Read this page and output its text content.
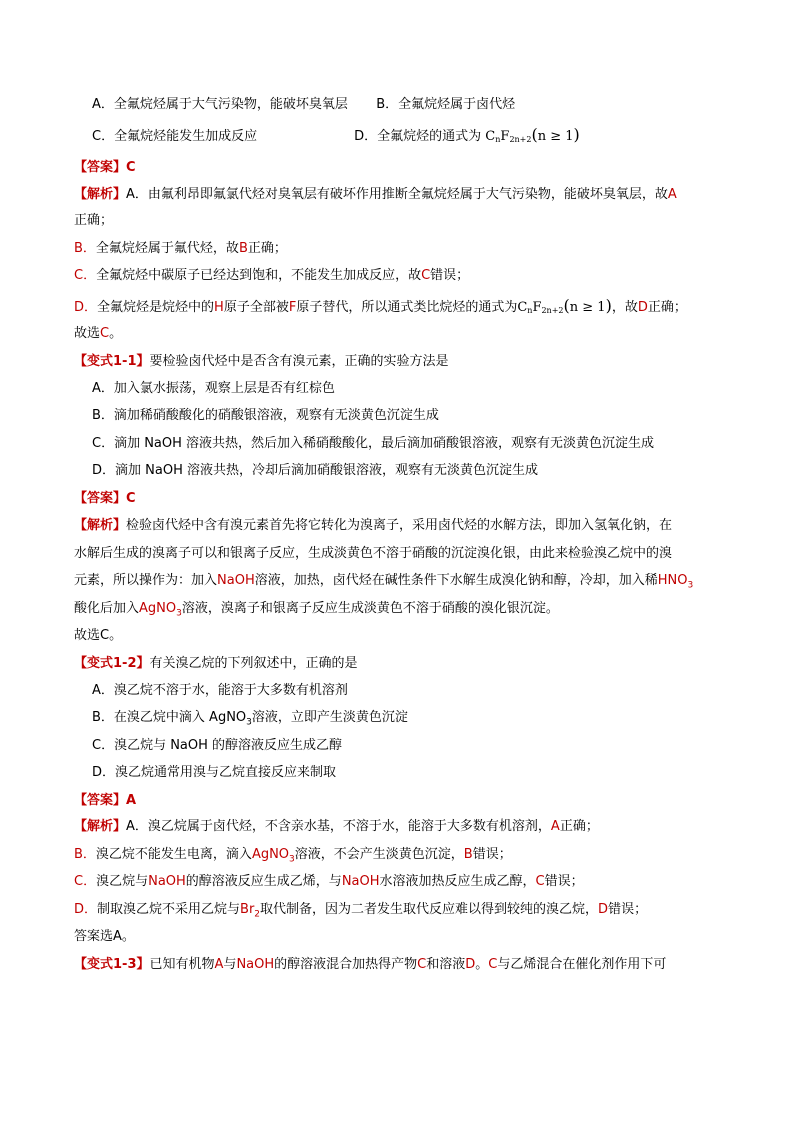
A．全氟烷烃属于大气污染物，能破坏臭氧层 B．全氟烷烃属于卤代烃
C．全氟烷烃能发生加成反应	D．全氟烷烃的通式为 $C_nF_{2n+2}(n \ge 1)$
【答案】C
【解析】A．由氟利昂即氟氯代烃对臭氧层有破坏作用推断全氟烷烃属于大气污染物，能破坏臭氧层，故A
正确；
B．全氟烷烃属于氟代烃，故B正确；
C．全氟烷烃中碳原子已经达到饱和，不能发生加成反应，故C错误；
D．全氟烷烃是烷烃中的H原子全部被F原子替代，所以通式类比烷烃的通式为$C_nF_{2n+2}(n \ge 1)$，故D正确；
故选C。
【变式1-1】要检验卤代烃中是否含有溴元素，正确的实验方法是
A．加入氯水振荡，观察上层是否有红棕色
B．滴加稀硝酸酸化的硝酸银溶液，观察有无淡黄色沉淀生成
C．滴加 NaOH 溶液共热，然后加入稀硝酸酸化，最后滴加硝酸银溶液，观察有无淡黄色沉淀生成
D．滴加 NaOH 溶液共热，冷却后滴加硝酸银溶液，观察有无淡黄色沉淀生成
【答案】C
【解析】检验卤代烃中含有溴元素首先将它转化为溴离子，采用卤代烃的水解方法，即加入氢氧化钠，在
水解后生成的溴离子可以和银离子反应，生成淡黄色不溶于硝酸的沉淀溴化银，由此来检验溴乙烷中的溴
元素，所以操作为：加入NaOH溶液，加热，卤代烃在碱性条件下水解生成溴化钠和醇，冷却，加入稀$HNO_3$
酸化后加入AgNO$_3$溶液，溴离子和银离子反应生成淡黄色不溶于硝酸的溴化银沉淀。
故选C。
【变式1-2】有关溴乙烷的下列叙述中，正确的是
A．溴乙烷不溶于水，能溶于大多数有机溶剂
B．在溴乙烷中滴入 AgNO$_3$溶液，立即产生淡黄色沉淀
C．溴乙烷与 NaOH 的醇溶液反应生成乙醇
D．溴乙烷通常用溴与乙烷直接反应来制取
【答案】A
【解析】A．溴乙烷属于卤代烃，不含亲水基，不溶于水，能溶于大多数有机溶剂，A正确；
B．溴乙烷不能发生电离，滴入AgNO$_3$溶液，不会产生淡黄色沉淀，B错误；
C．溴乙烷与NaOH的醇溶液反应生成乙烯，与NaOH水溶液加热反应生成乙醇，C错误；
D．制取溴乙烷不采用乙烷与$Br_2$取代制备，因为二者发生取代反应难以得到较纯的溴乙烷，D错误；
答案选A。
【变式1-3】已知有机物A与NaOH的醇溶液混合加热得产物C和溶液D。C与乙烯混合在催化剂作用下可
